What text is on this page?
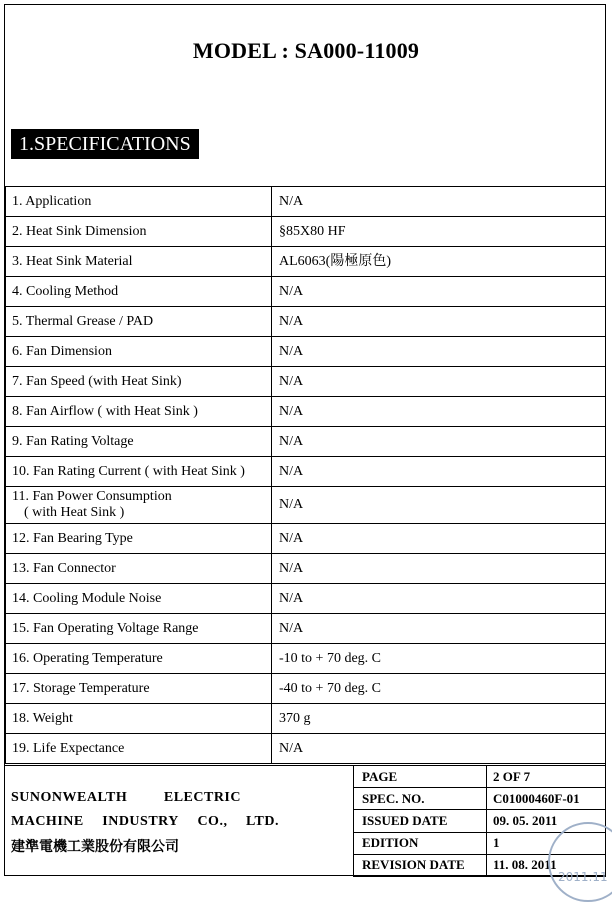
MODEL : SA000-11009
1.SPECIFICATIONS
1. Application	N/A
2. Heat Sink Dimension	§85X80 HF
3. Heat Sink Material	AL6063(陽極原色)
4. Cooling Method	N/A
5. Thermal Grease / PAD	N/A
6. Fan Dimension	N/A
7. Fan Speed (with Heat Sink)	N/A
8. Fan Airflow ( with Heat Sink )	N/A
9. Fan Rating Voltage	N/A
10. Fan Rating Current ( with Heat Sink )	N/A

11. Fan Power Consumption
( with Heat Sink )	N/A
12. Fan Bearing Type	N/A
13. Fan Connector	N/A
14. Cooling Module Noise	N/A
15. Fan Operating Voltage Range	N/A
16. Operating Temperature	-10 to + 70 deg. C
17. Storage Temperature	-40 to + 70 deg. C
18. Weight	370 g
19. Life Expectance	N/A
SUNONWEALTH	ELECTRIC
MACHINE INDUSTRY CO., LTD.
建準電機工業股份有限公司
PAGE	2 OF 7
SPEC. NO.	C01000460F-01
ISSUED DATE	09. 05. 2011
EDITION	1
REVISION DATE	11. 08. 2011
2011.11
